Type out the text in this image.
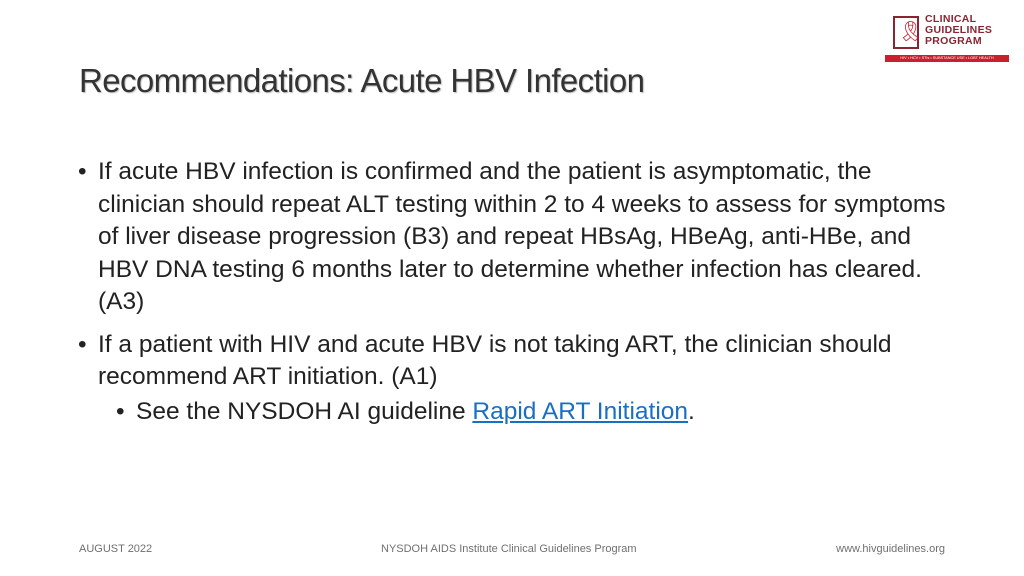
🎗
CLINICAL
GUIDELINES
PROGRAM
HIV • HCV • STIs • SUBSTANCE USE • LGBT HEALTH
Recommendations: Acute HBV Infection
• If acute HBV infection is confirmed and the patient is asymptomatic, the clinician should repeat ALT testing within 2 to 4 weeks to assess for symptoms of liver disease progression (B3) and repeat HBsAg, HBeAg, anti-HBe, and HBV DNA testing 6 months later to determine whether infection has cleared. (A3)
• If a patient with HIV and acute HBV is not taking ART, the clinician should recommend ART initiation. (A1)
• See the NYSDOH AI guideline Rapid ART Initiation.
AUGUST 2022	NYSDOH AIDS Institute Clinical Guidelines Program	www.hivguidelines.org
